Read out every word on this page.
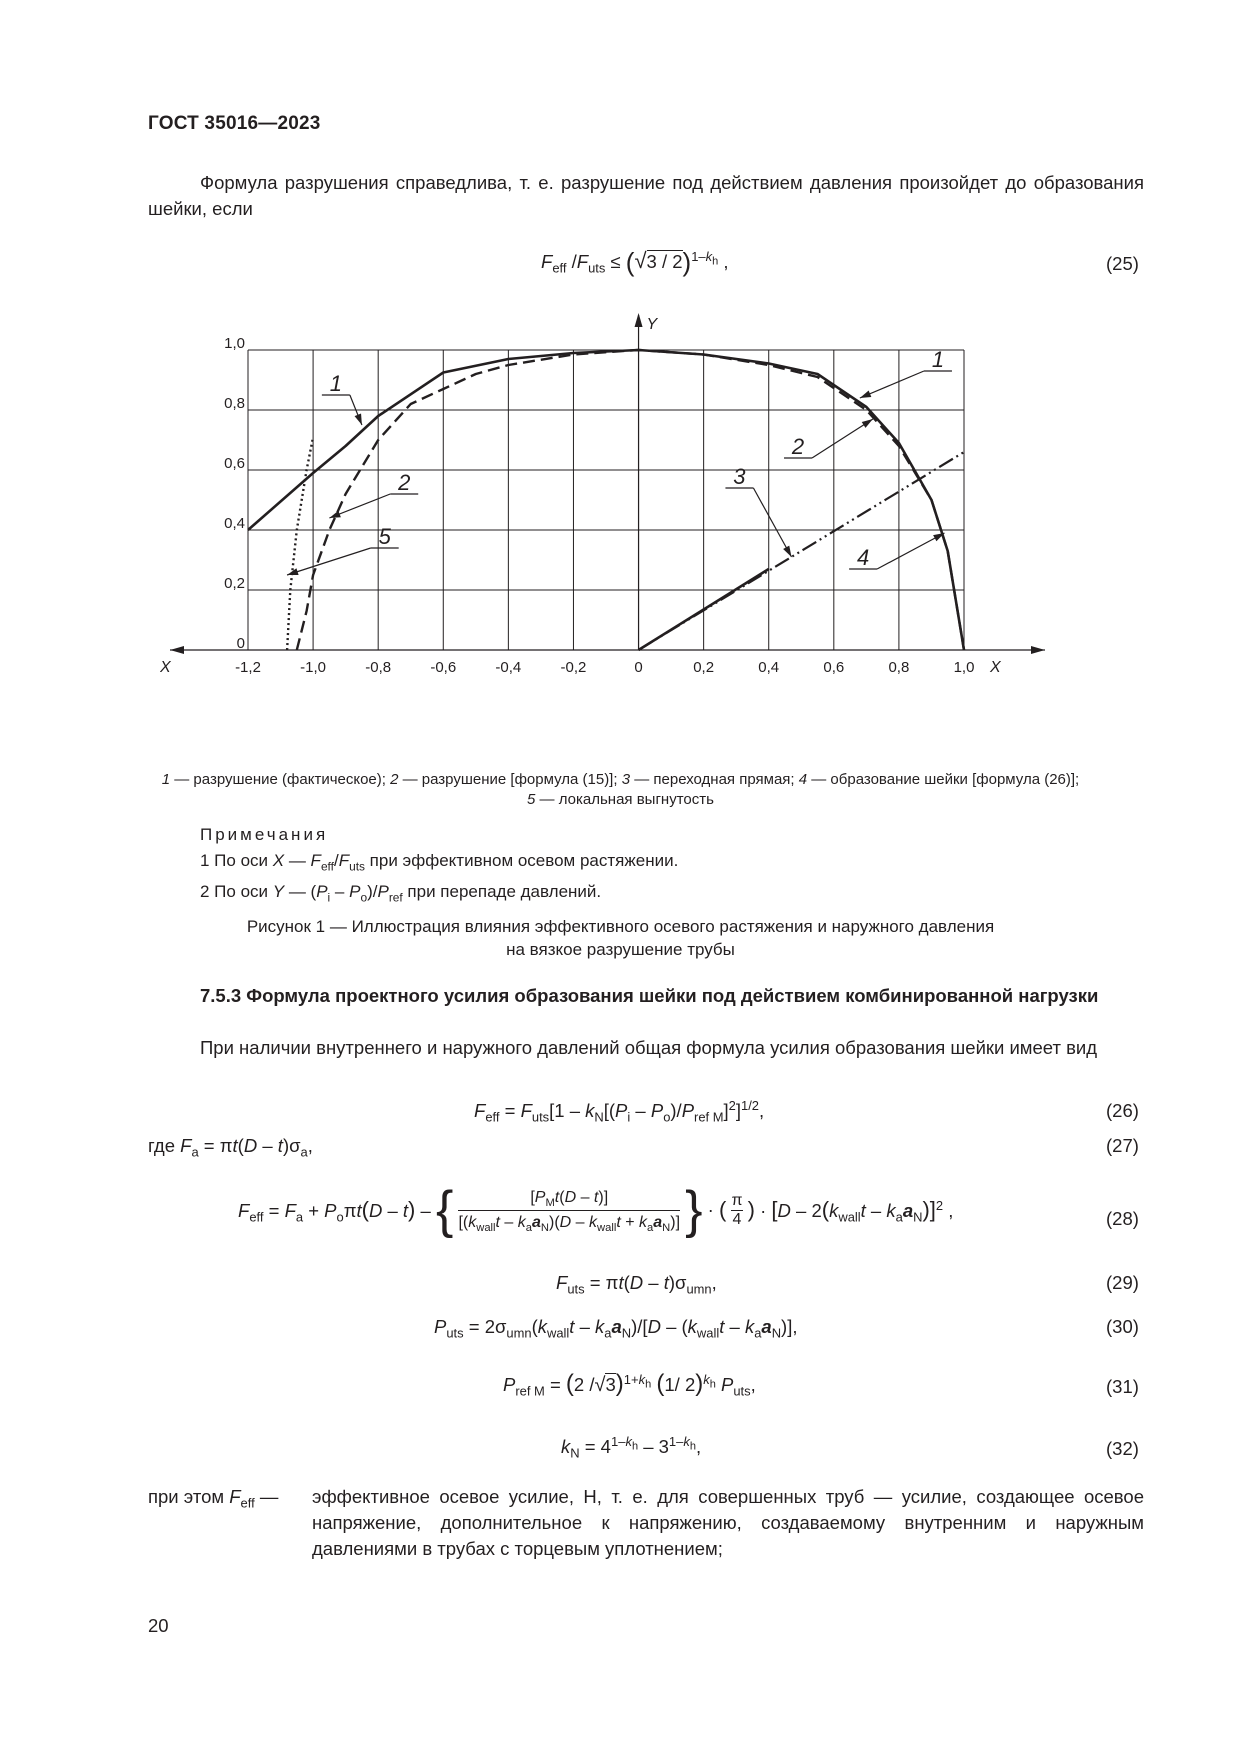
ГОСТ 35016—2023
Формула разрушения справедлива, т. е. разрушение под действием давления произойдет до образования шейки, если
$F_{eff}$ $/F_{uts} \le (√3 / 2)^{1-k_h}$ ,	(25)
X	X
Y
-1,2	-1,0	-0,8	-0,6	-0,4	-0,2	0	0,2	0,4	0,6	0,8	1,0
0
0,2
0,4
0,6
0,8
1,0
1
2
5
1
2
3
4
1 — разрушение (фактическое); 2 — разрушение [формула (15)]; 3 — переходная прямая; 4 — образование шейки [формула (26)];
5 — локальная выгнутость
Примечания
1 По оси X — $F_{eff}/F_{uts}$ при эффективном осевом растяжении.
2 По оси Y — $(P_i - P_o)/P_{ref}$ при перепаде давлений.
Рисунок 1 — Иллюстрация влияния эффективного осевого растяжения и наружного давления
на вязкое разрушение трубы
7.5.3 Формула проектного усилия образования шейки под действием комбинированной нагрузки
При наличии внутреннего и наружного давлений общая формула усилия образования шейки имеет вид
$F_{eff} = F_{uts}[1 - k_N[(P_i - P_o)/P_{ref M}]^2]^{1/2}$,	(26)
где $F_a = \pi t(D - t)\sigma_a$,	(27)
$F_{eff} = F_a + P_o\pi t(D - t)$ – {	$[P_Mt(D - t)]$
$[(k_{wall}t - k_aa_N)(D - k_{wall}t + k_aa_N)]$ } · ( $\frac{\pi}{4}$ ) · $[D - 2(k_{wall}t - k_aa_N)]^2$ ,	(28)
$F_{uts} = \pi t(D - t)\sigma_{umn}$,	(29)
$P_{uts} = 2\sigma_{umn}(k_{wall}t - k_aa_N)/[D - (k_{wall}t - k_aa_N)]$,	(30)
$P_{ref M} = (2$ /√3)$^{1+k_h}$ (1/ 2)$^{k_h}$ $P_{uts}$,	(31)
$k_N = 4^{1-k_h} - 3^{1-k_h}$,	(32)
при этом $F_{eff}$ — эффективное осевое усилие, Н, т. е. для совершенных труб — усилие, создающее осевое напряжение, дополнительное к напряжению, создаваемому внутренним и наружным давлениями в трубах с торцевым уплотнением;
20
